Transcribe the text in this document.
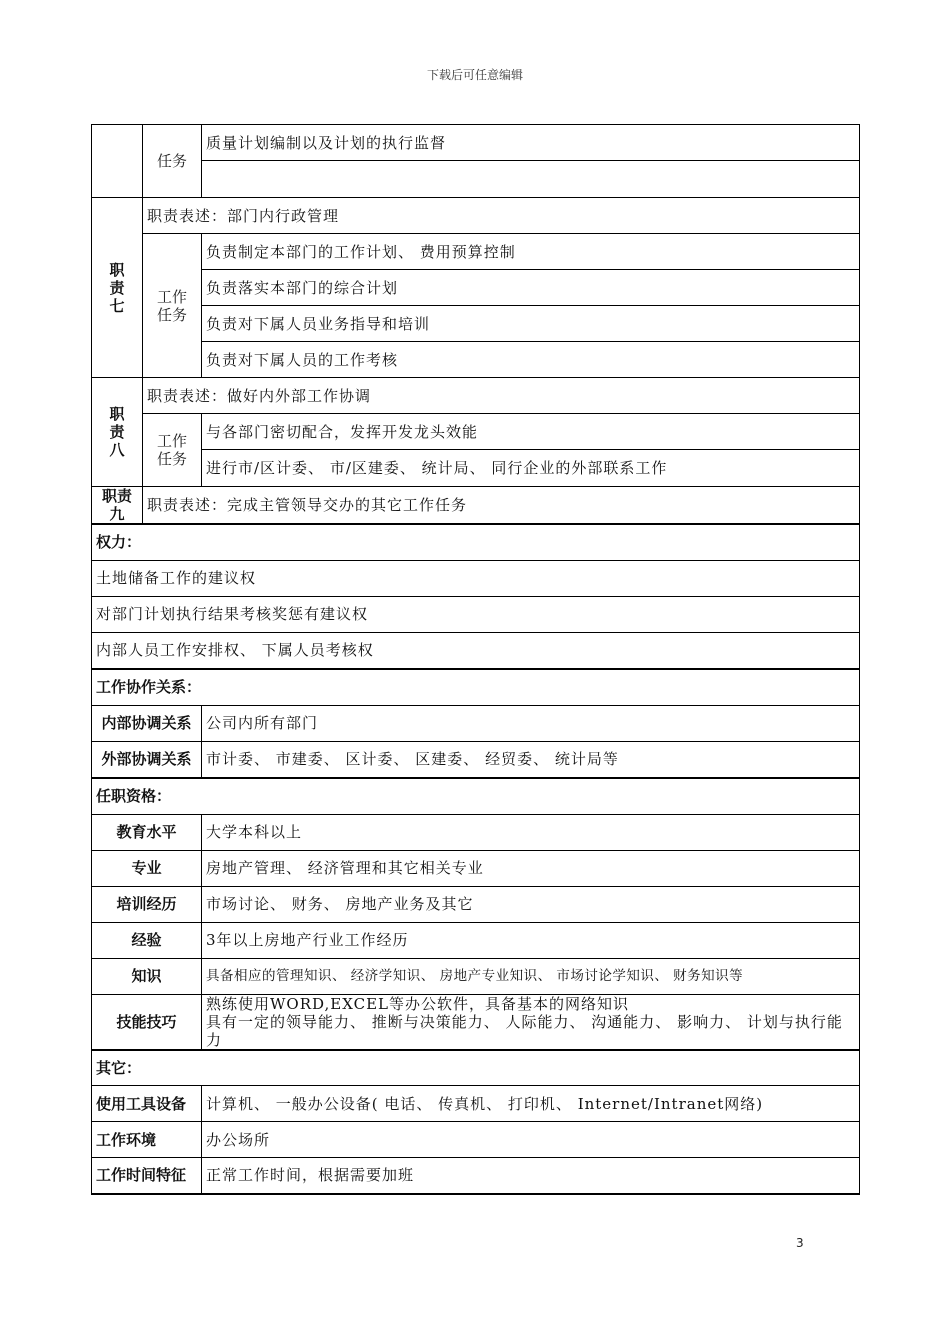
下载后可任意编辑
	任务	质量计划编制以及计划的执行监督

职
责
七	职责表述：部门内行政管理	
	工作
任务	负责制定本部门的工作计划、 费用预算控制
		负责落实本部门的综合计划
		负责对下属人员业务指导和培训
		负责对下属人员的工作考核
职
责
八	职责表述：做好内外部工作协调	
	工作
任务	与各部门密切配合，发挥开发龙头效能
		进行市/区计委、 市/区建委、 统计局、 同行企业的外部联系工作
职责
九	职责表述：完成主管领导交办的其它工作任务	
权力：		
土地储备工作的建议权		
对部门计划执行结果考核奖惩有建议权		
内部人员工作安排权、 下属人员考核权		
工作协作关系：		
内部协调关系		公司内所有部门
外部协调关系		市计委、 市建委、 区计委、 区建委、 经贸委、 统计局等
任职资格：		
教育水平		大学本科以上
专业		房地产管理、 经济管理和其它相关专业
培训经历		市场讨论、 财务、 房地产业务及其它
经验		3年以上房地产行业工作经历
知识		具备相应的管理知识、 经济学知识、 房地产专业知识、 市场讨论学知识、 财务知识等
技能技巧		熟练使用WORD,EXCEL等办公软件，具备基本的网络知识
具有一定的领导能力、 推断与决策能力、 人际能力、 沟通能力、 影响力、 计划与执行能力

其它：		
使用工具设备		计算机、 一般办公设备( 电话、 传真机、 打印机、 Internet/Intranet网络)
工作环境		办公场所
工作时间特征		正常工作时间，根据需要加班
3
